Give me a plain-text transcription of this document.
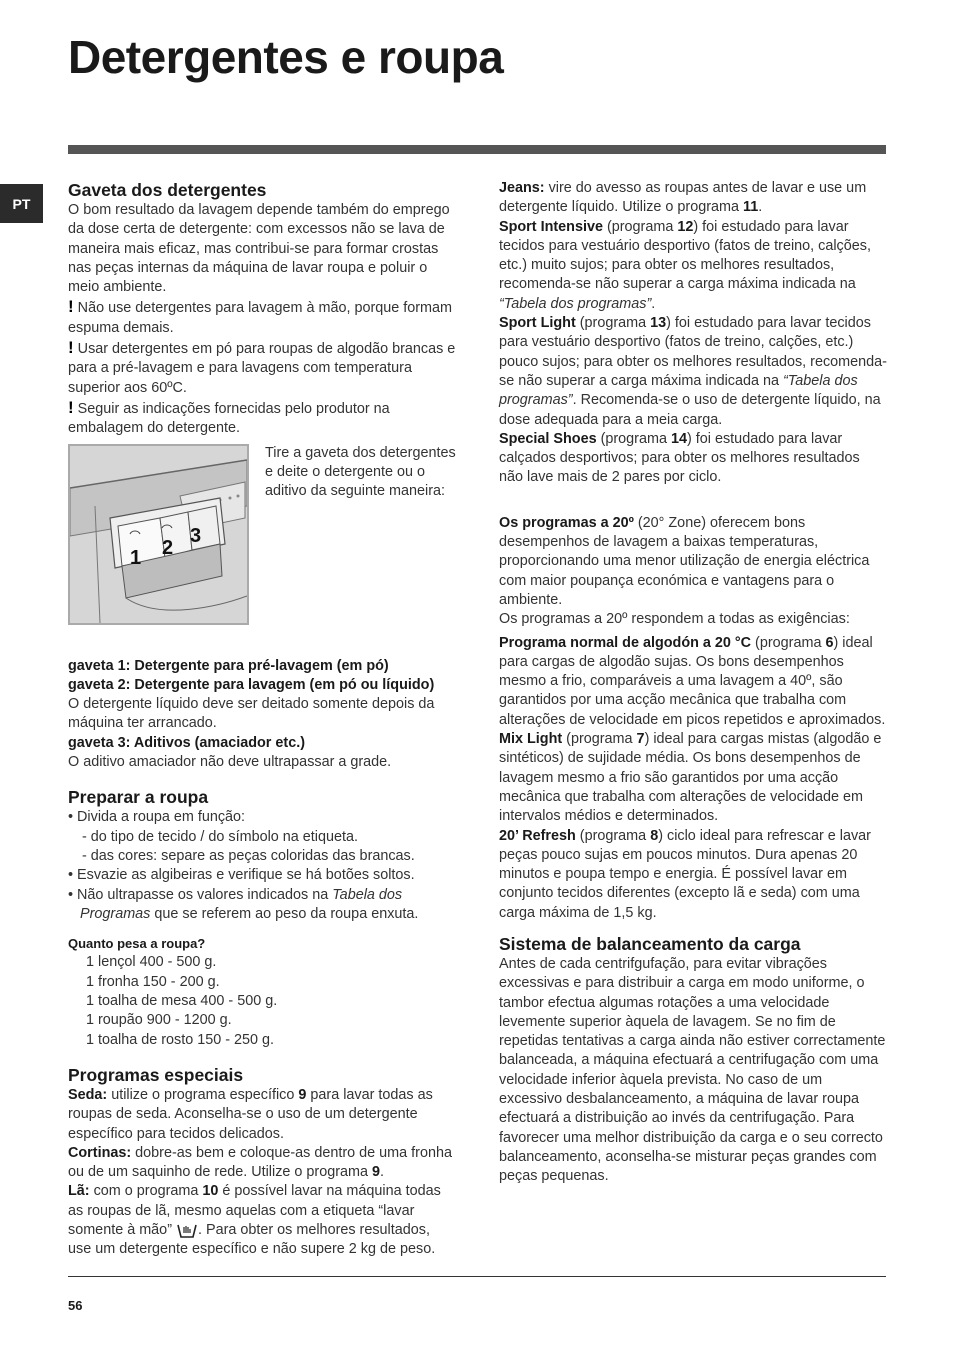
Detergentes e roupa
PT
Gaveta dos detergentes

O bom resultado da lavagem depende também do emprego da dose certa de detergente: com excessos não se lava de maneira mais eficaz, mas contribui-se para formar crostas nas peças internas da máquina de lavar roupa e poluir o meio ambiente.

! Não use detergentes para lavagem à mão, porque formam espuma demais.

! Usar detergentes em pó para roupas de algodão brancas e para a pré-lavagem e para lavagens com temperatura superior aos 60ºC.

! Seguir as indicações fornecidas pelo produtor na embalagem do detergente.

1 2
3
Tire a gaveta dos detergentes e deite o detergente ou o aditivo da seguinte maneira:

gaveta 1: Detergente para pré-lavagem (em pó)

gaveta 2: Detergente para lavagem (em pó ou líquido)

O detergente líquido deve ser deitado somente depois da máquina ter arrancado.

gaveta 3: Aditivos (amaciador etc.)

O aditivo amaciador não deve ultrapassar a grade.

Preparar a roupa

• Divida a roupa em função:

- do tipo de tecido / do símbolo na etiqueta.

- das cores: separe as peças coloridas das brancas.

• Esvazie as algibeiras e verifique se há botões soltos.

• Não ultrapasse os valores indicados na Tabela dos Programas que se referem ao peso da roupa enxuta.

Quanto pesa a roupa?

1 lençol 400 - 500 g.

1 fronha 150 - 200 g.

1 toalha de mesa 400 - 500 g.

1 roupão 900 - 1200 g.

1 toalha de rosto 150 - 250 g.

Programas especiais

Seda: utilize o programa específico 9 para lavar todas as roupas de seda. Aconselha-se o uso de um detergente específico para tecidos delicados.

Cortinas: dobre-as bem e coloque-as dentro de uma fronha ou de um saquinho de rede. Utilize o programa 9.

Lã: com o programa 10 é possível lavar na máquina todas as roupas de lã, mesmo aquelas com a etiqueta “lavar somente à mão” . Para obter os melhores resultados, use um detergente específico e não supere 2 kg de peso.

Jeans: vire do avesso as roupas antes de lavar e use um detergente líquido. Utilize o programa 11.

Sport Intensive (programa 12) foi estudado para lavar tecidos para vestuário desportivo (fatos de treino, calções, etc.) muito sujos; para obter os melhores resultados, recomenda-se não superar a carga máxima indicada na “Tabela dos programas”.

Sport Light (programa 13) foi estudado para lavar tecidos para vestuário desportivo (fatos de treino, calções, etc.) pouco sujos; para obter os melhores resultados, recomenda-se não superar a carga máxima indicada na “Tabela dos programas”. Recomenda-se o uso de detergente líquido, na dose adequada para a meia carga.

Special Shoes (programa 14) foi estudado para lavar calçados desportivos; para obter os melhores resultados não lave mais de 2 pares por ciclo.

Os programas a 20º (20° Zone) oferecem bons desempenhos de lavagem a baixas temperaturas, proporcionando uma menor utilização de energia eléctrica com maior poupança económica e vantagens para o ambiente.

Os programas a 20º respondem a todas as exigências:

Programa normal de algodón a 20 °C (programa 6) ideal para cargas de algodão sujas. Os bons desempenhos mesmo a frio, comparáveis a uma lavagem a 40º, são garantidos por uma acção mecânica que trabalha com alterações de velocidade em picos repetidos e aproximados.

Mix Light (programa 7) ideal para cargas mistas (algodão e sintéticos) de sujidade média. Os bons desempenhos de lavagem mesmo a frio são garantidos por uma acção mecânica que trabalha com alterações de velocidade em intervalos médios e determinados.

20’ Refresh (programa 8) ciclo ideal para refrescar e lavar peças pouco sujas em poucos minutos. Dura apenas 20 minutos e poupa tempo e energia. É possível lavar em conjunto tecidos diferentes (excepto lã e seda) com uma carga máxima de 1,5 kg.

Sistema de balanceamento da carga

Antes de cada centrifgufação, para evitar vibrações excessivas e para distribuir a carga em modo uniforme, o tambor efectua algumas rotações a uma velocidade levemente superior àquela de lavagem. Se no fim de repetidas tentativas a carga ainda não estiver correctamente balanceada, a máquina efectuará a centrifugação com uma velocidade inferior àquela prevista. No caso de um excessivo desbalanceamento, a máquina de lavar roupa efectuará a distribuição ao invés da centrifugação. Para favorecer uma melhor distribuição da carga e o seu correcto balanceamento, aconselha-se misturar peças grandes com peças pequenas.

56
